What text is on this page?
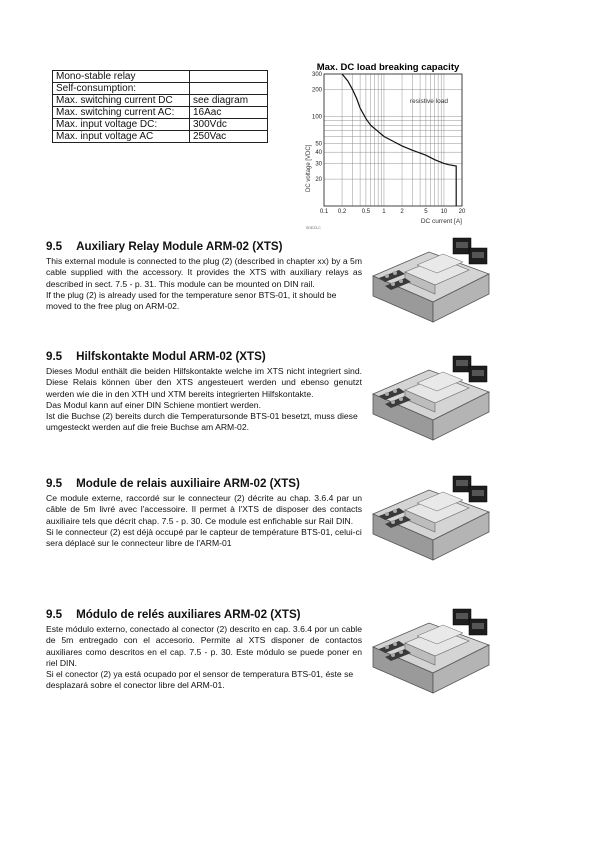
Mono-stable relay	
Self-consumption:	
Max. switching current DC	see diagram
Max. switching current AC:	16Aac
Max. input voltage DC:	300Vdc
Max. input voltage AC	250Vac
Max. DC load breaking capacity
300
200
100
50
40
30
20
0.1 0.2	0.5 1 2	5 10 20
resistive load
DC voltage [VDC]
DC current [A]
SDE23-C
9.5 Auxiliary Relay Module ARM-02 (XTS)

This external module is connected to the plug (2) (described in chapter xx) by a 5m cable supplied with the accessory. It provides the XTS with auxiliary relays as described in sect. 7.5 - p. 31. This module can be mounted on DIN rail.

If the plug (2) is already used for the temperature senor BTS-01, it should be moved to the free plug on ARM-02.

9.5 Hilfskontakte Modul ARM-02 (XTS)

Dieses Modul enthält die beiden Hilfskontakte welche im XTS nicht integriert sind. Diese Relais können über den XTS angesteuert werden und ebenso genutzt werden wie die in den XTH und XTM bereits integrierten Hilfskontakte.

Das Modul kann auf einer DIN Schiene montiert werden.

Ist die Buchse (2) bereits durch die Temperatursonde BTS-01 besetzt, muss diese umgesteckt werden auf die freie Buchse am ARM-02.

9.5 Module de relais auxiliaire ARM-02 (XTS)

Ce module externe, raccordé sur le connecteur (2) décrite au chap. 3.6.4 par un câble de 5m livré avec l'accessoire. Il permet à l'XTS de disposer des contacts auxiliaire tels que décrit chap. 7.5 - p. 30. Ce module est enfichable sur Rail DIN.

Si le connecteur (2) est déjà occupé par le capteur de température BTS-01, celui-ci sera déplacé sur le connecteur libre de l'ARM-01

9.5 Módulo de relés auxiliares ARM-02 (XTS)

Este módulo externo, conectado al conector (2) descrito en cap. 3.6.4 por un cable de 5m entregado con el accesorio. Permite al XTS disponer de contactos auxiliares como descritos en el cap. 7.5 - p. 30. Este módulo se puede poner en riel DIN.

Si el conector (2) ya está ocupado por el sensor de temperatura BTS-01, éste se desplazará sobre el conector libre del ARM-01.
